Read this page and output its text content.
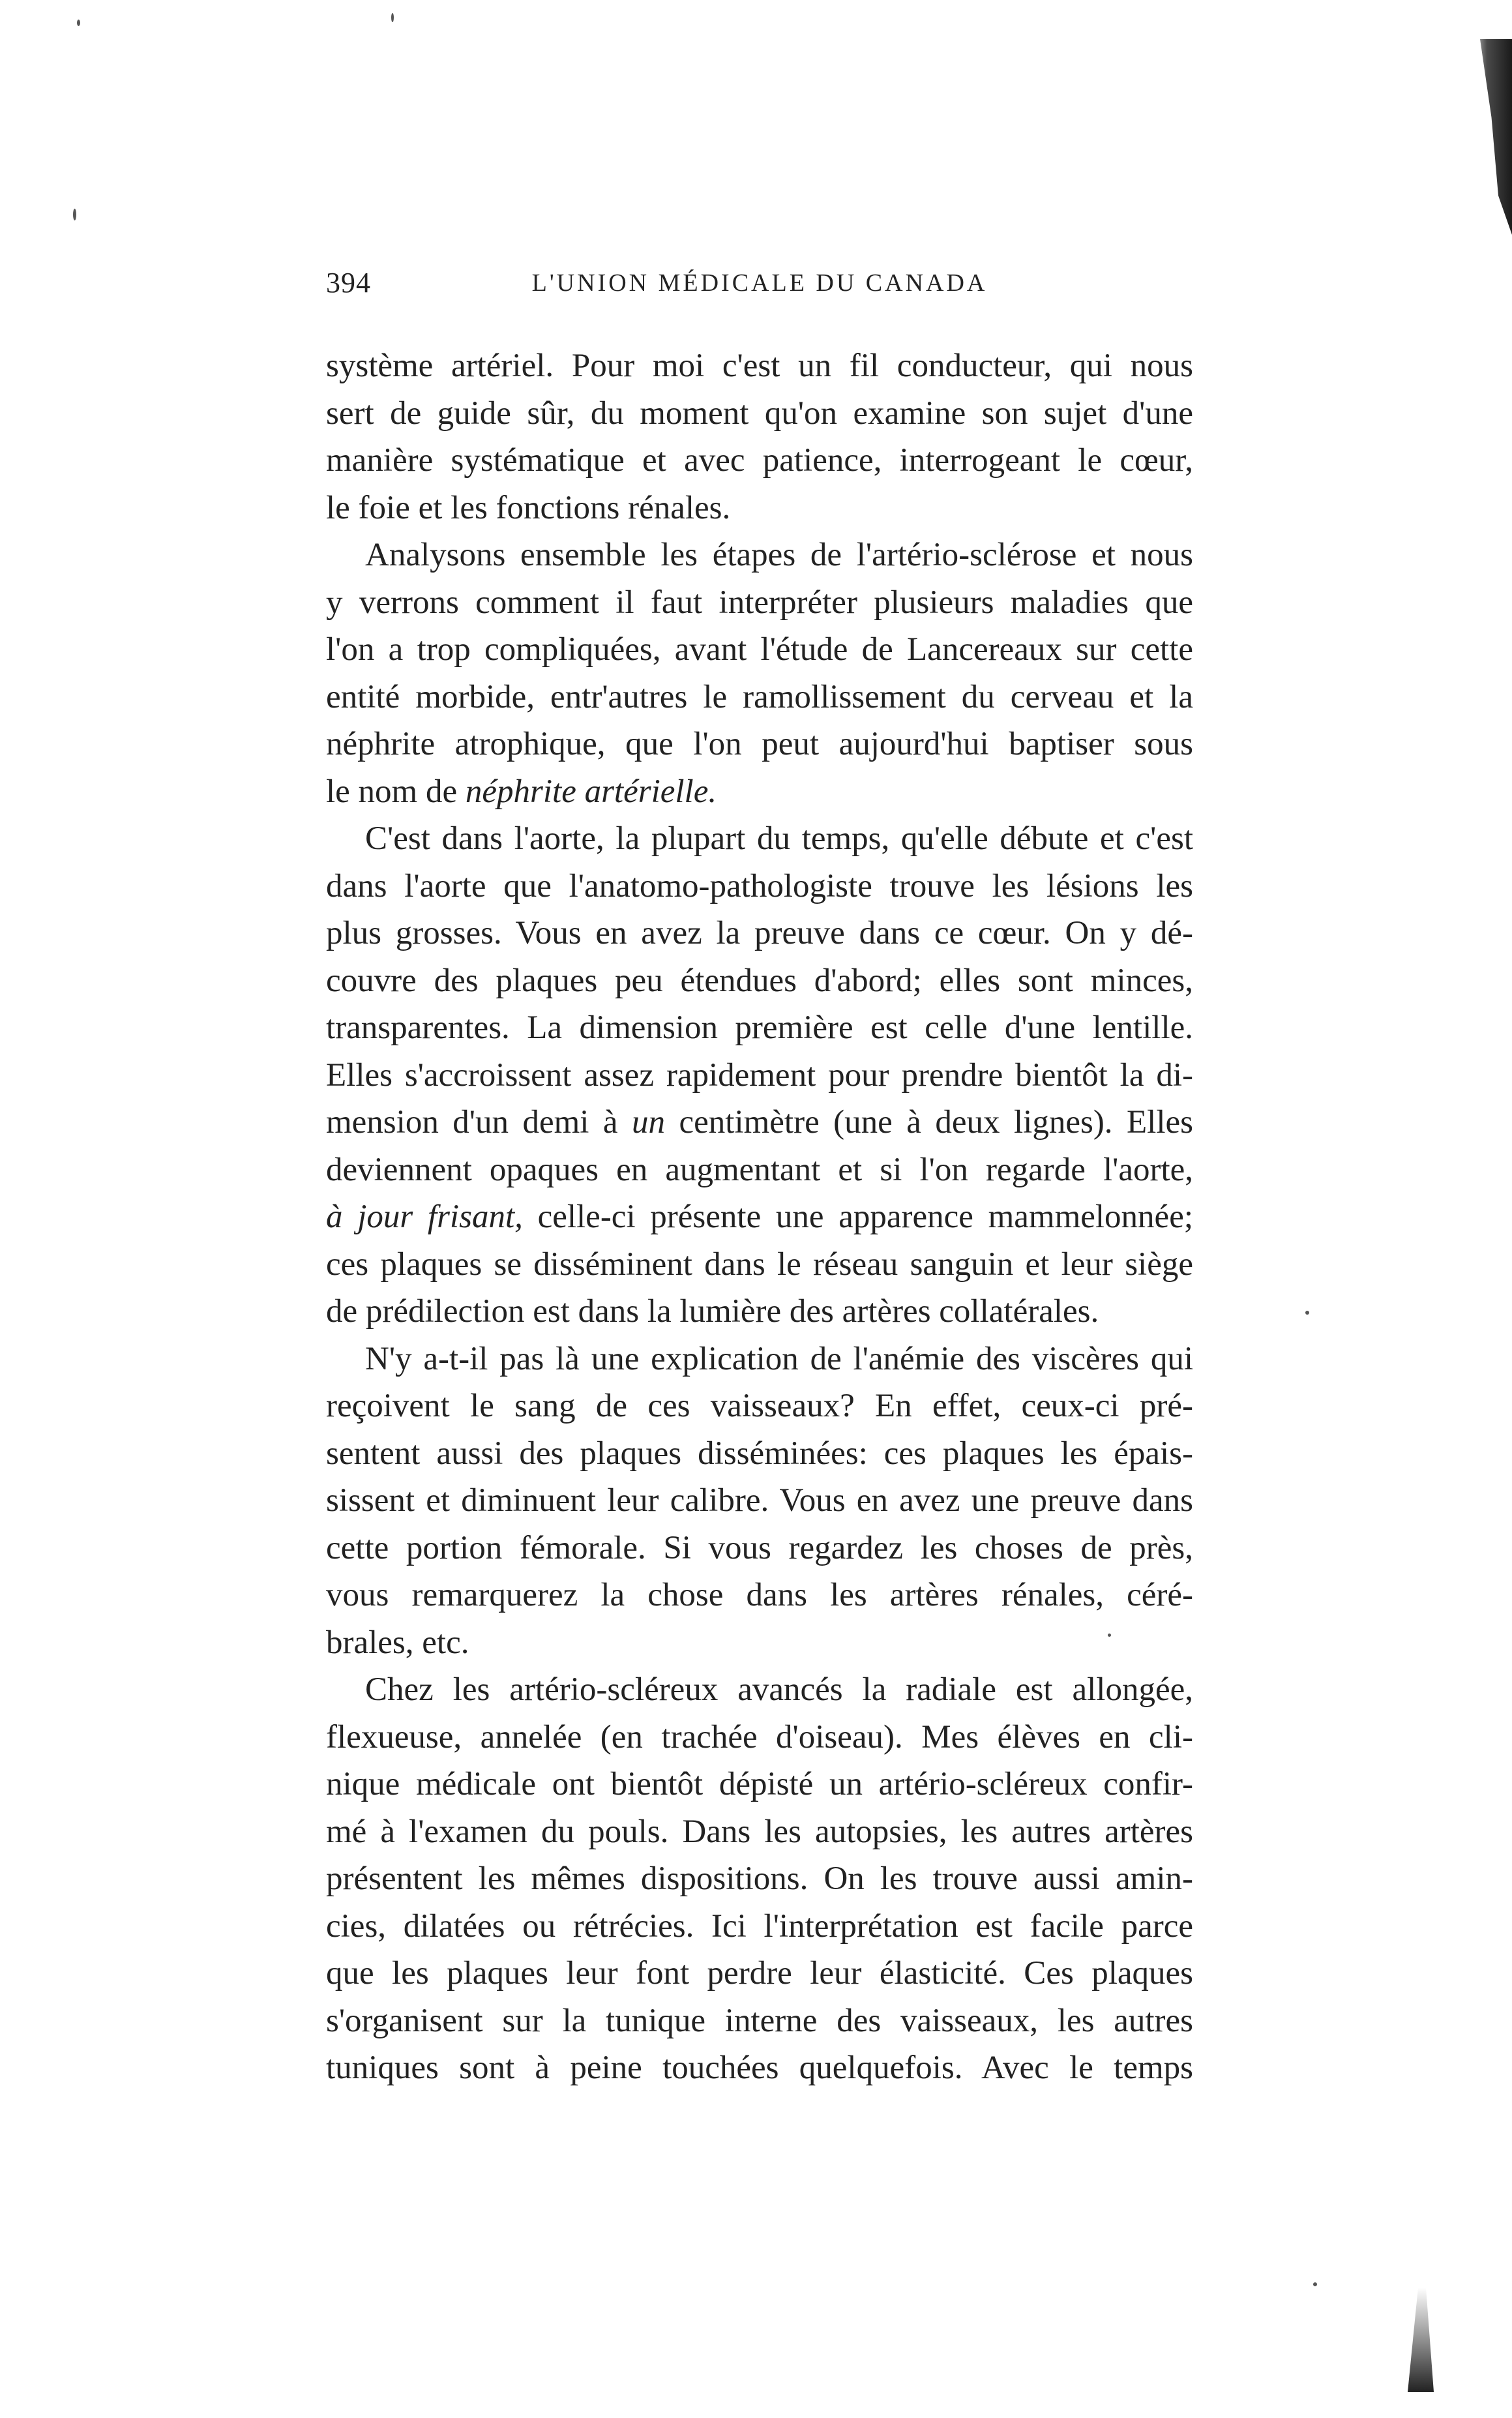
394	L'UNION MÉDICALE DU CANADA
système artériel. Pour moi c'est un fil conducteur, qui nous
sert de guide sûr, du moment qu'on examine son sujet d'une
manière systématique et avec patience, interrogeant le cœur,
le foie et les fonctions rénales.
Analysons ensemble les étapes de l'artério-sclérose et nous
y verrons comment il faut interpréter plusieurs maladies que
l'on a trop compliquées, avant l'étude de Lancereaux sur cette
entité morbide, entr'autres le ramollissement du cerveau et la
néphrite atrophique, que l'on peut aujourd'hui baptiser sous
le nom de néphrite artérielle.
C'est dans l'aorte, la plupart du temps, qu'elle débute et c'est
dans l'aorte que l'anatomo-pathologiste trouve les lésions les
plus grosses. Vous en avez la preuve dans ce cœur. On y dé-
couvre des plaques peu étendues d'abord; elles sont minces,
transparentes. La dimension première est celle d'une lentille.
Elles s'accroissent assez rapidement pour prendre bientôt la di-
mension d'un demi à un centimètre (une à deux lignes). Elles
deviennent opaques en augmentant et si l'on regarde l'aorte,
à jour frisant, celle-ci présente une apparence mammelonnée;
ces plaques se disséminent dans le réseau sanguin et leur siège
de prédilection est dans la lumière des artères collatérales.
N'y a-t-il pas là une explication de l'anémie des viscères qui
reçoivent le sang de ces vaisseaux? En effet, ceux-ci pré-
sentent aussi des plaques disséminées: ces plaques les épais-
sissent et diminuent leur calibre. Vous en avez une preuve dans
cette portion fémorale. Si vous regardez les choses de près,
vous remarquerez la chose dans les artères rénales, céré-
brales, etc.
Chez les artério-scléreux avancés la radiale est allongée,
flexueuse, annelée (en trachée d'oiseau). Mes élèves en cli-
nique médicale ont bientôt dépisté un artério-scléreux confir-
mé à l'examen du pouls. Dans les autopsies, les autres artères
présentent les mêmes dispositions. On les trouve aussi amin-
cies, dilatées ou rétrécies. Ici l'interprétation est facile parce
que les plaques leur font perdre leur élasticité. Ces plaques
s'organisent sur la tunique interne des vaisseaux, les autres
tuniques sont à peine touchées quelquefois. Avec le temps
